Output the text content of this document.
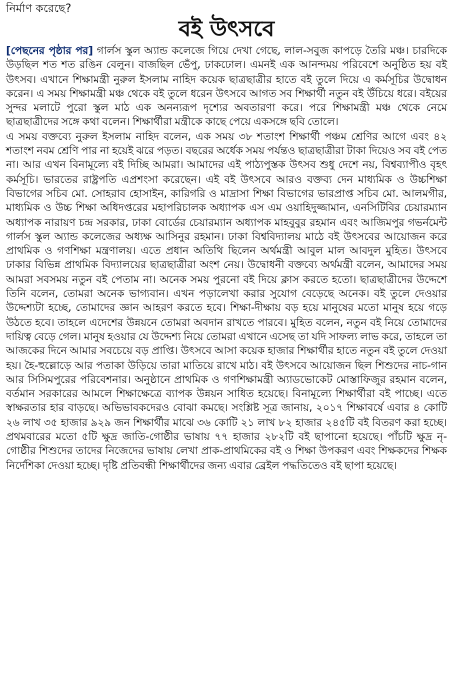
নির্মাণ করেছে?
বই উৎসবে

[পেছনের পৃষ্ঠার পর] গার্লস স্কুল অ্যান্ড কলেজে গিয়ে দেখা গেছে, লাল-সবুজ কাপড়ে তৈরি মঞ্চ। চারদিকে উড়ছিল শত শত রঙিন বেলুন। বাজছিল ভেঁপু, ঢাকঢোল। এমনই এক আনন্দময় পরিবেশে অনুষ্ঠিত হয় বই উৎসব। এখানে শিক্ষামন্ত্রী নুরুল ইসলাম নাহিদ কয়েক ছাত্রছাত্রীর হাতে বই তুলে দিয়ে এ কর্মসূচির উদ্বোধন করেন। এ সময় শিক্ষামন্ত্রী মঞ্চ থেকে বই তুলে ধরেন উৎসবে আগত সব শিক্ষার্থী নতুন বই উঁচিয়ে ধরে। বইয়ের সুন্দর মলাটে পুরো স্কুল মাঠ এক অনন্যরূপ দৃশ্যের অবতারণা করে। পরে শিক্ষামন্ত্রী মঞ্চ থেকে নেমে ছাত্রছাত্রীদের সঙ্গে কথা বলেন। শিক্ষার্থীরা মন্ত্রীকে কাছে পেয়ে একসঙ্গে ছবি তোলে।

এ সময় বক্তব্যে নুরুল ইসলাম নাহিদ বলেন, এক সময় ৩৮ শতাংশ শিক্ষার্থী পঞ্চম শ্রেণির আগে এবং ৪২ শতাংশ নবম শ্রেণি পার না হয়েই ঝরে পড়ত। বছরের অর্ধেক সময় পর্যন্তও ছাত্রছাত্রীরা টাকা দিয়েও সব বই পেত না। আর এখন বিনামূল্যে বই দিচ্ছি আমরা। আমাদের এই পাঠ্যপুস্তক উৎসব শুধু দেশে নয়, বিশ্বব্যাপীও বৃহৎ কর্মসূচি। ভারতের রাষ্ট্রপতি এপ্রশংসা করেছেন। এই বই উৎসবে আরও বক্তব্য দেন মাধ্যমিক ও উচ্চশিক্ষা বিভাগের সচিব মো. সোহরাব হোসাইন, কারিগরি ও মাদ্রাসা শিক্ষা বিভাগের ভারপ্রাপ্ত সচিব মো. আলমগীর, মাধ্যমিক ও উচ্চ শিক্ষা অধিদপ্তরের মহাপরিচালক অধ্যাপক এস এম ওয়াহিদুজ্জামান, এনসিটিবির চেয়ারম্যান অধ্যাপক নারায়ণ চন্দ্র সরকার, ঢাকা বোর্ডের চেয়ারম্যান অধ্যাপক মাহবুবুর রহমান এবং আজিমপুর গভর্নমেন্ট গার্লস স্কুল অ্যান্ড কলেজের অধ্যক্ষ আসিনুর রহমান। ঢাকা বিশ্ববিদ্যালয় মাঠে বই উৎসবের আয়োজন করে প্রাথমিক ও গণশিক্ষা মন্ত্রণালয়। এতে প্রধান অতিথি ছিলেন অর্থমন্ত্রী আবুল মাল আবদুল মুহিত। উৎসবে ঢাকার বিভিন্ন প্রাথমিক বিদ্যালয়ের ছাত্রছাত্রীরা অংশ নেয়। উদ্বোধনী বক্তব্যে অর্থমন্ত্রী বলেন, আমাদের সময় আমরা সবসময় নতুন বই পেতাম না। অনেক সময় পুরনো বই দিয়ে ক্লাস করতে হতো। ছাত্রছাত্রীদের উদ্দেশে তিনি বলেন, তোমরা অনেক ভাগ্যবান। এখন পড়ালেখা করার সুযোগ বেড়েছে অনেক। বই তুলে দেওয়ার উদ্দেশ্যটা হচ্ছে, তোমাদের জ্ঞান আহরণ করতে হবে। শিক্ষা-দীক্ষায় বড় হয়ে মানুষের মতো মানুষ হয়ে গড়ে উঠতে হবে। তাহলে এদেশের উন্নয়নে তোমরা অবদান রাখতে পারবে। মুহিত বলেন, নতুন বই নিয়ে তোমাদের দায়িত্ব বেড়ে গেল। মানুষ হওয়ার যে উদ্দেশ্য নিয়ে তোমরা এখানে এসেছ তা যদি সাফল্য লাভ করে, তাহলে তা আজকের দিনে আমার সবচেয়ে বড় প্রাপ্তি। উৎসবে আসা কয়েক হাজার শিক্ষার্থীর হাতে নতুন বই তুলে দেওয়া হয়। হৈ-হুল্লোড়ে আর পতাকা উড়িয়ে তারা মাতিয়ে রাখে মাঠ। বই উৎসবে আয়োজন ছিল শিশুদের নাচ-গান আর সিসিমপুরের পরিবেশনার। অনুষ্ঠানে প্রাথমিক ও গণশিক্ষামন্ত্রী অ্যাডভোকেট মোস্তাফিজুর রহমান বলেন, বর্তমান সরকারের আমলে শিক্ষাক্ষেত্রে ব্যাপক উন্নয়ন সাধিত হয়েছে। বিনামূল্যে শিক্ষার্থীরা বই পাচ্ছে। এতে স্বাক্ষরতার হার বাড়ছে। অভিভাবকদেরও বোঝা কমছে। সংশ্লিষ্ট সূত্র জানায়, ২০১৭ শিক্ষাবর্ষে এবার ৪ কোটি ২৬ লাখ ৩৫ হাজার ৯২৯ জন শিক্ষার্থীর মাঝে ৩৬ কোটি ২১ লাখ ৮২ হাজার ২৪৫টি বই বিতরণ করা হচ্ছে। প্রথমবারের মতো ৫টি ক্ষুদ্র জাতি-গোষ্ঠীর ভাষায় ৭৭ হাজার ২৮২টি বই ছাপানো হয়েছে। পাঁচটি ক্ষুদ্র নৃ-গোষ্ঠীর শিশুদের তাদের নিজেদের ভাষায় লেখা প্রাক-প্রাথমিকের বই ও শিক্ষা উপকরণ এবং শিক্ষকদের শিক্ষক নির্দেশিকা দেওয়া হচ্ছে। দৃষ্টি প্রতিবন্ধী শিক্ষার্থীদের জন্য এবার ব্রেইল পদ্ধতিতেও বই ছাপা হয়েছে।
